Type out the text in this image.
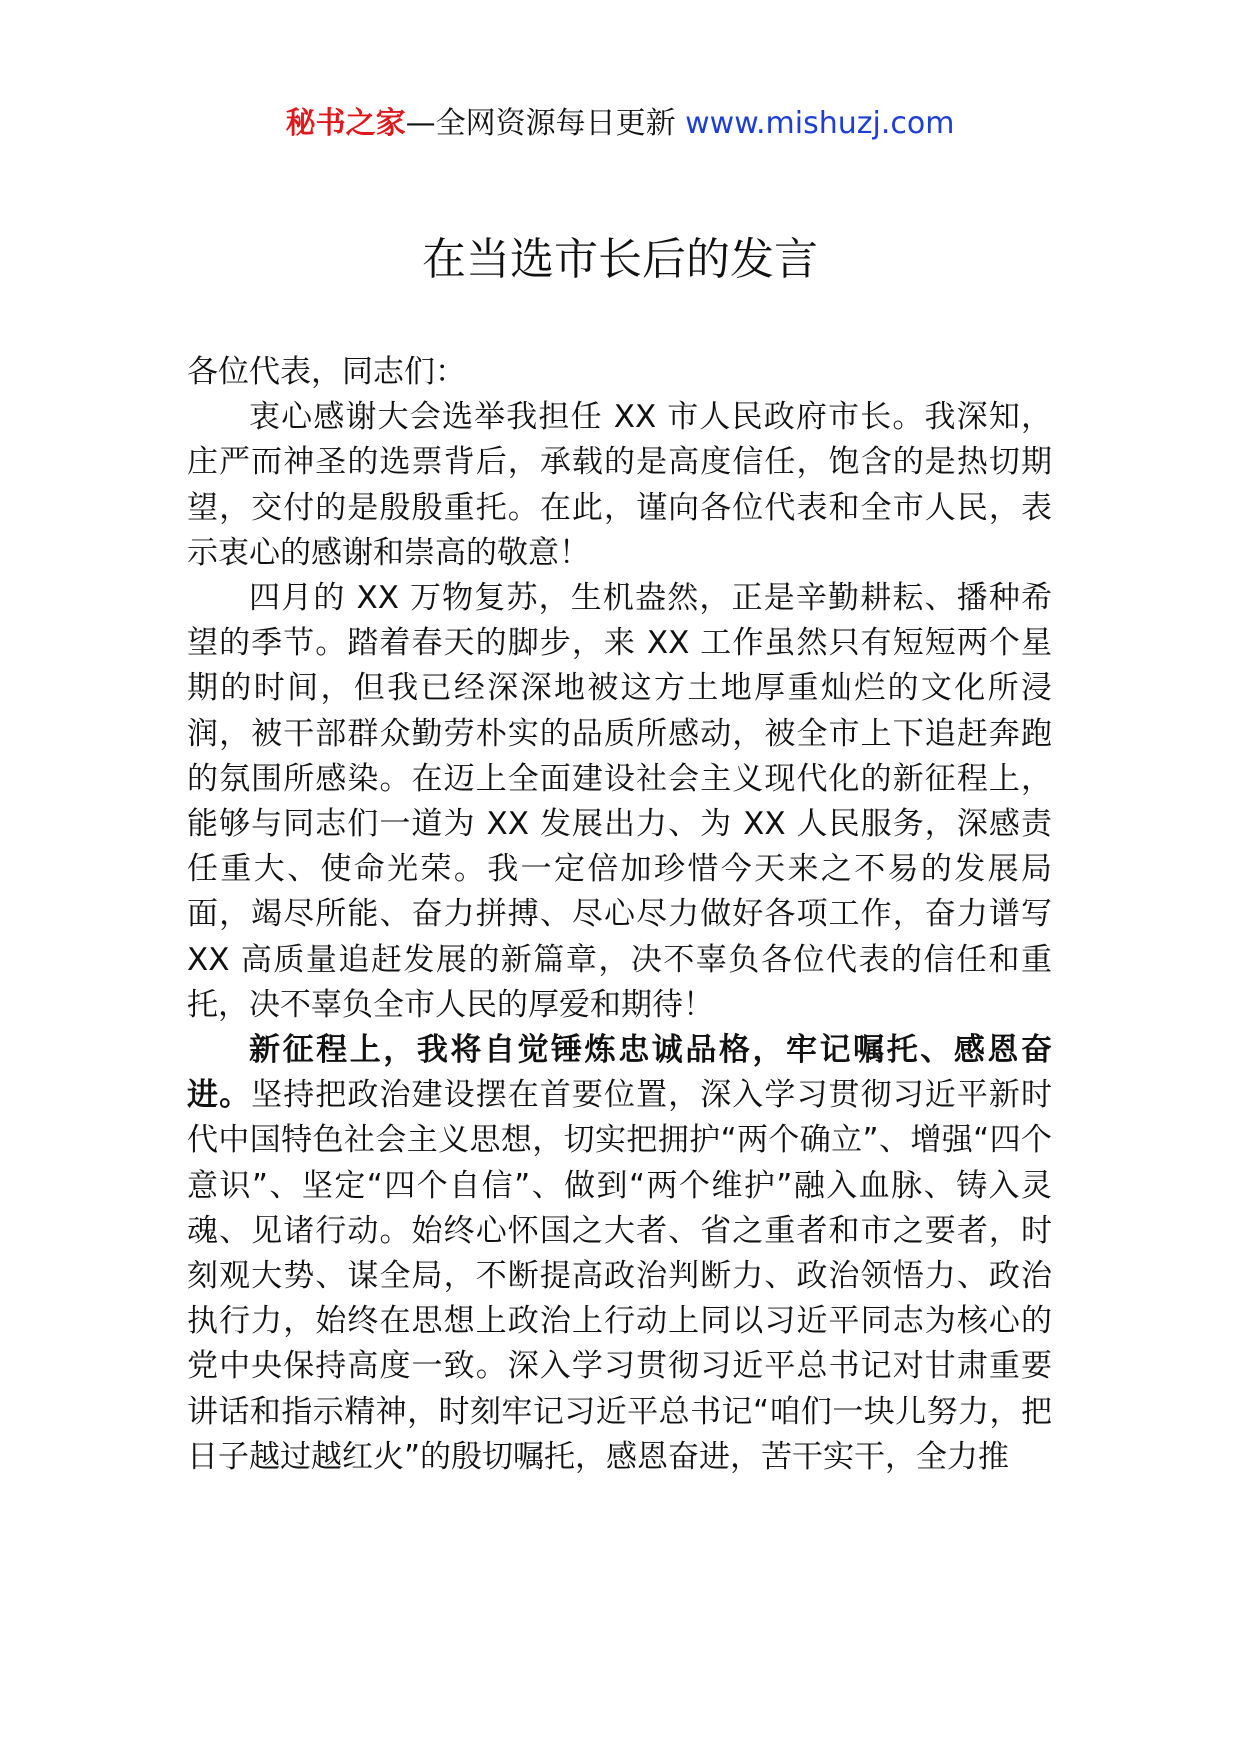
秘书之家—全网资源每日更新 www.mishuzj.com
在当选市长后的发言

各位代表，同志们：

衷心感谢大会选举我担任 XX 市人民政府市长。我深知，庄严而神圣的选票背后，承载的是高度信任，饱含的是热切期望，交付的是殷殷重托。在此，谨向各位代表和全市人民，表示衷心的感谢和崇高的敬意！

四月的 XX 万物复苏，生机盎然，正是辛勤耕耘、播种希望的季节。踏着春天的脚步，来 XX 工作虽然只有短短两个星期的时间，但我已经深深地被这方土地厚重灿烂的文化所浸润，被干部群众勤劳朴实的品质所感动，被全市上下追赶奔跑的氛围所感染。在迈上全面建设社会主义现代化的新征程上，能够与同志们一道为 XX 发展出力、为 XX 人民服务，深感责任重大、使命光荣。我一定倍加珍惜今天来之不易的发展局面，竭尽所能、奋力拼搏、尽心尽力做好各项工作，奋力谱写 XX 高质量追赶发展的新篇章，决不辜负各位代表的信任和重托，决不辜负全市人民的厚爱和期待！

新征程上，我将自觉锤炼忠诚品格，牢记嘱托、感恩奋进。坚持把政治建设摆在首要位置，深入学习贯彻习近平新时代中国特色社会主义思想，切实把拥护“两个确立”、增强“四个意识”、坚定“四个自信”、做到“两个维护”融入血脉、铸入灵魂、见诸行动。始终心怀国之大者、省之重者和市之要者，时刻观大势、谋全局，不断提高政治判断力、政治领悟力、政治执行力，始终在思想上政治上行动上同以习近平同志为核心的党中央保持高度一致。深入学习贯彻习近平总书记对甘肃重要讲话和指示精神，时刻牢记习近平总书记“咱们一块儿努力，把日子越过越红火”的殷切嘱托，感恩奋进，苦干实干，全力推
